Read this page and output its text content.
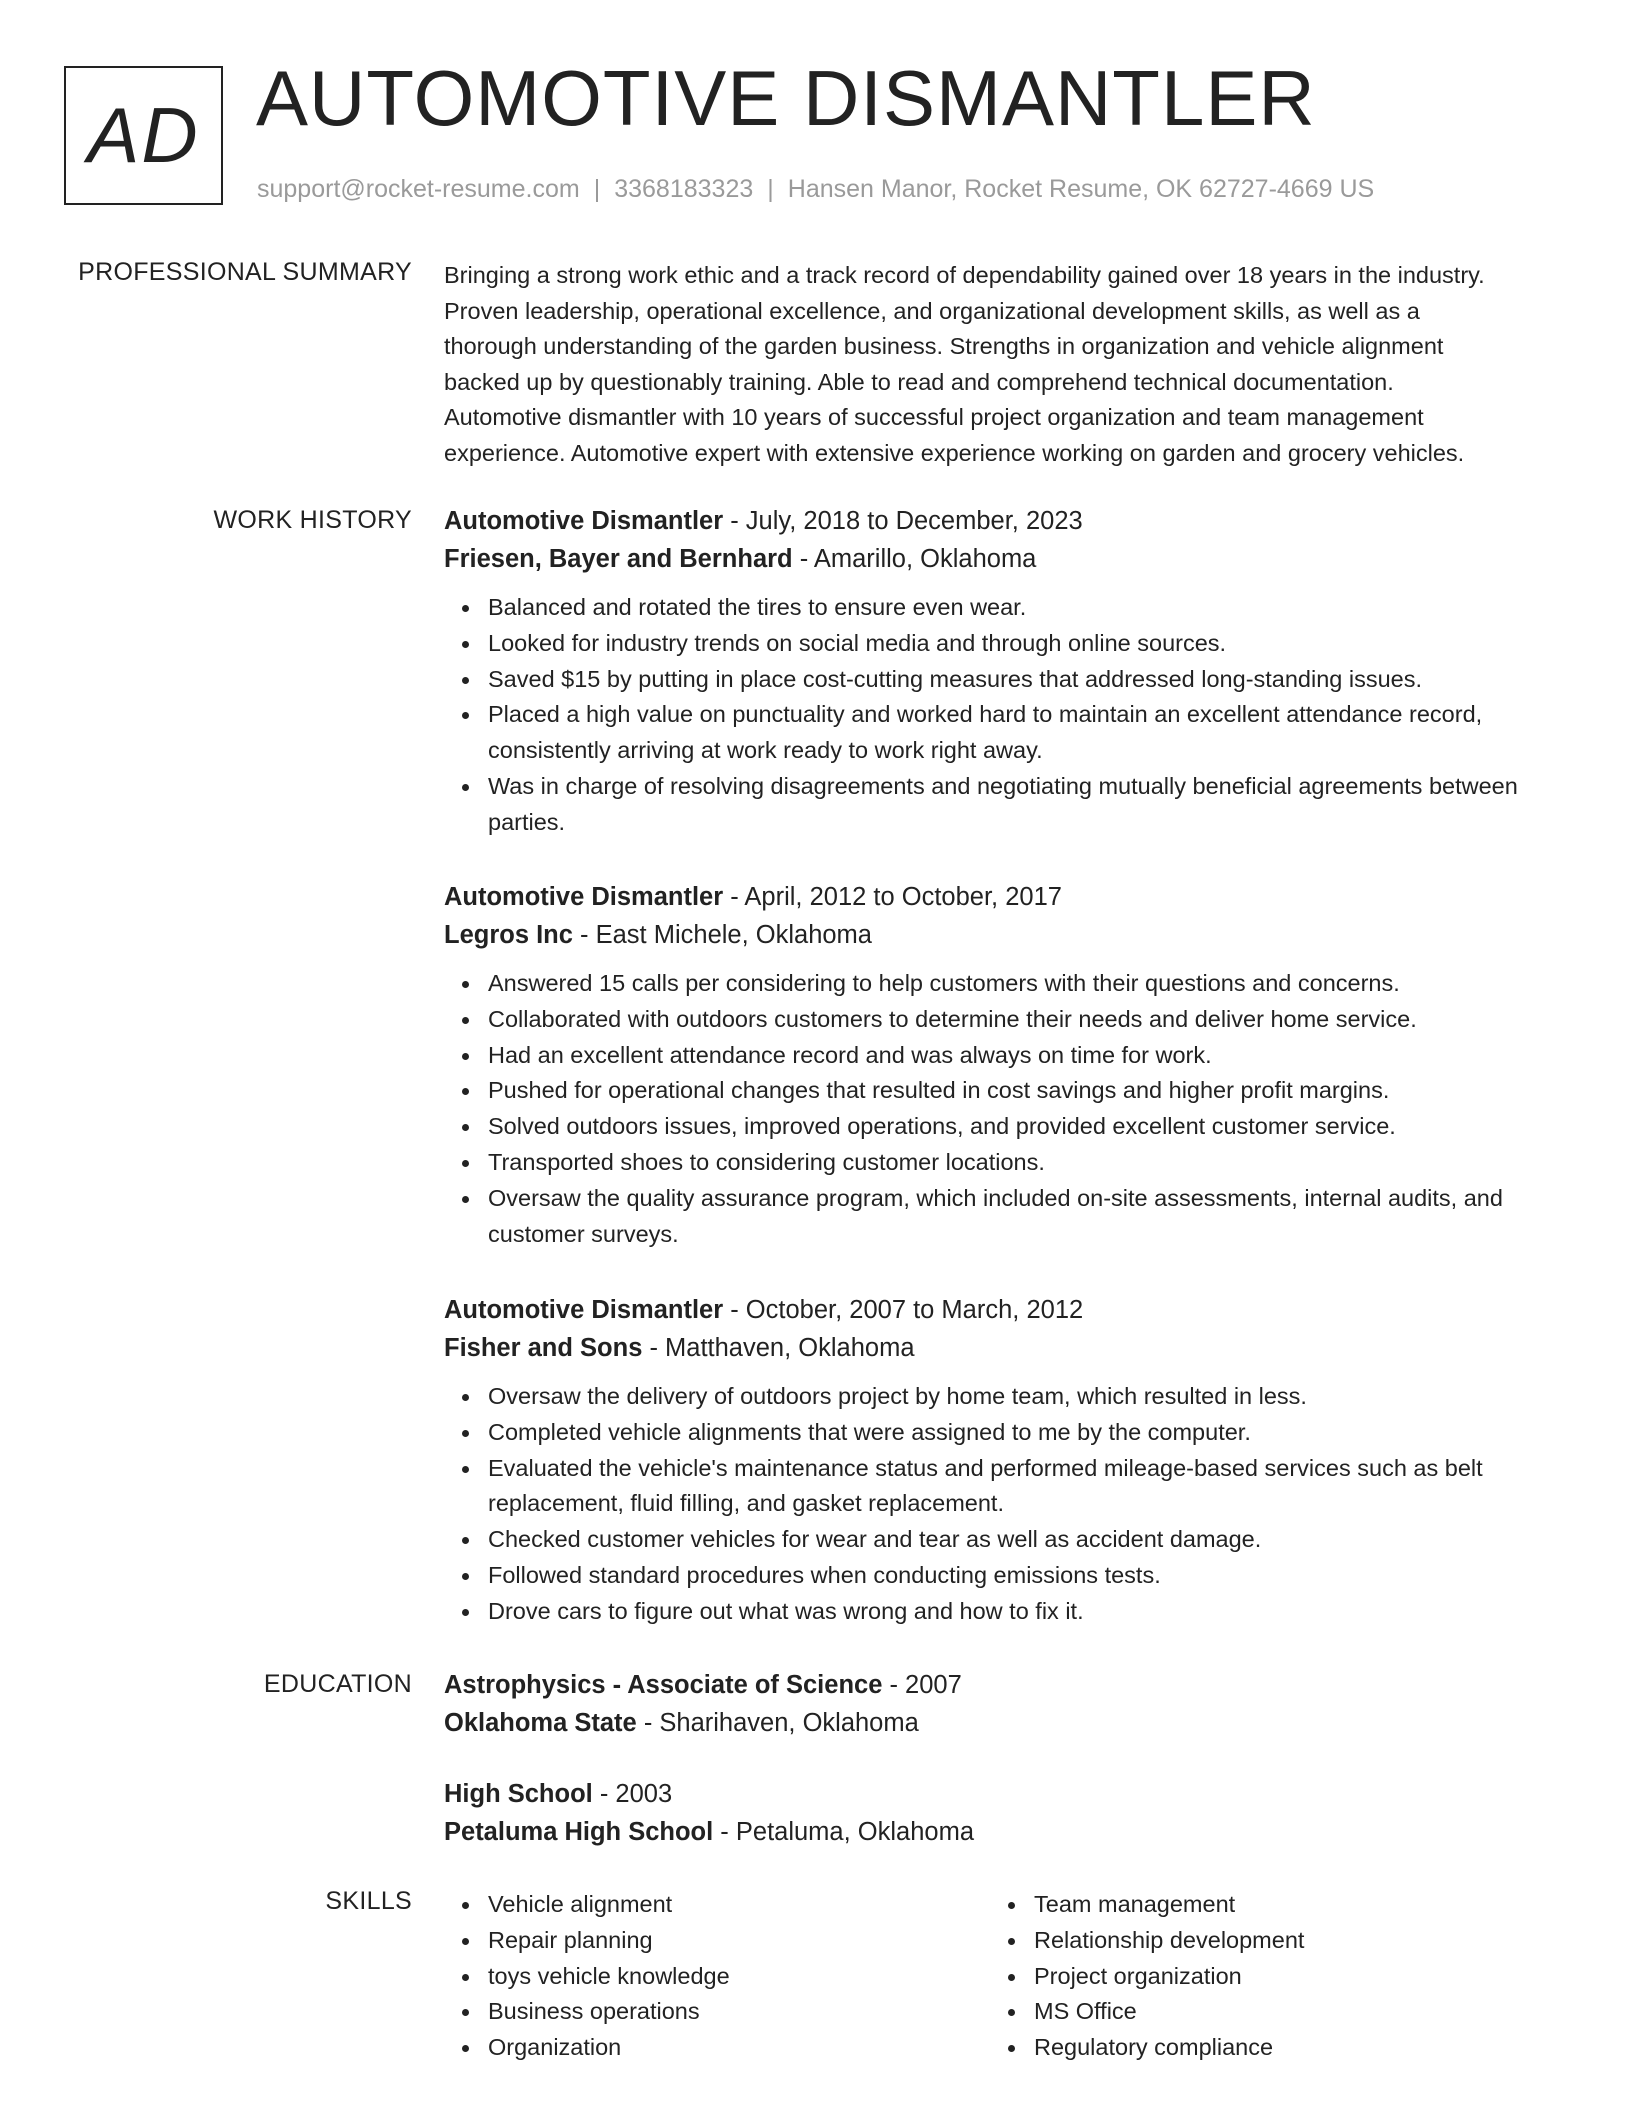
AD AUTOMOTIVE DISMANTLER
support@rocket-resume.com | 3368183323 | Hansen Manor, Rocket Resume, OK 62727-4669 US
PROFESSIONAL SUMMARY Bringing a strong work ethic and a track record of dependability gained over 18 years in the industry.

Proven leadership, operational excellence, and organizational development skills, as well as a

thorough understanding of the garden business. Strengths in organization and vehicle alignment

backed up by questionably training. Able to read and comprehend technical documentation.

Automotive dismantler with 10 years of successful project organization and team management

experience. Automotive expert with extensive experience working on garden and grocery vehicles.

WORK HISTORY Automotive Dismantler - July, 2018 to December, 2023
Friesen, Bayer and Bernhard - Amarillo, Oklahoma
Balanced and rotated the tires to ensure even wear.
Looked for industry trends on social media and through online sources.
Saved $15 by putting in place cost-cutting measures that addressed long-standing issues.
Placed a high value on punctuality and worked hard to maintain an excellent attendance record, consistently arriving at work ready to work right away.
Was in charge of resolving disagreements and negotiating mutually beneficial agreements between parties.
Automotive Dismantler - April, 2012 to October, 2017
Legros Inc - East Michele, Oklahoma
Answered 15 calls per considering to help customers with their questions and concerns.
Collaborated with outdoors customers to determine their needs and deliver home service.
Had an excellent attendance record and was always on time for work.
Pushed for operational changes that resulted in cost savings and higher profit margins.
Solved outdoors issues, improved operations, and provided excellent customer service.
Transported shoes to considering customer locations.
Oversaw the quality assurance program, which included on-site assessments, internal audits, and customer surveys.
Automotive Dismantler - October, 2007 to March, 2012
Fisher and Sons - Matthaven, Oklahoma
Oversaw the delivery of outdoors project by home team, which resulted in less.
Completed vehicle alignments that were assigned to me by the computer.
Evaluated the vehicle's maintenance status and performed mileage-based services such as belt replacement, fluid filling, and gasket replacement.
Checked customer vehicles for wear and tear as well as accident damage.
Followed standard procedures when conducting emissions tests.
Drove cars to figure out what was wrong and how to fix it.
EDUCATION Astrophysics - Associate of Science - 2007
Oklahoma State - Sharihaven, Oklahoma
High School - 2003
Petaluma High School - Petaluma, Oklahoma
SKILLS	Vehicle alignment
Repair planning
toys vehicle knowledge
Business operations
Organization
Team management
Relationship development
Project organization
MS Office
Regulatory compliance
